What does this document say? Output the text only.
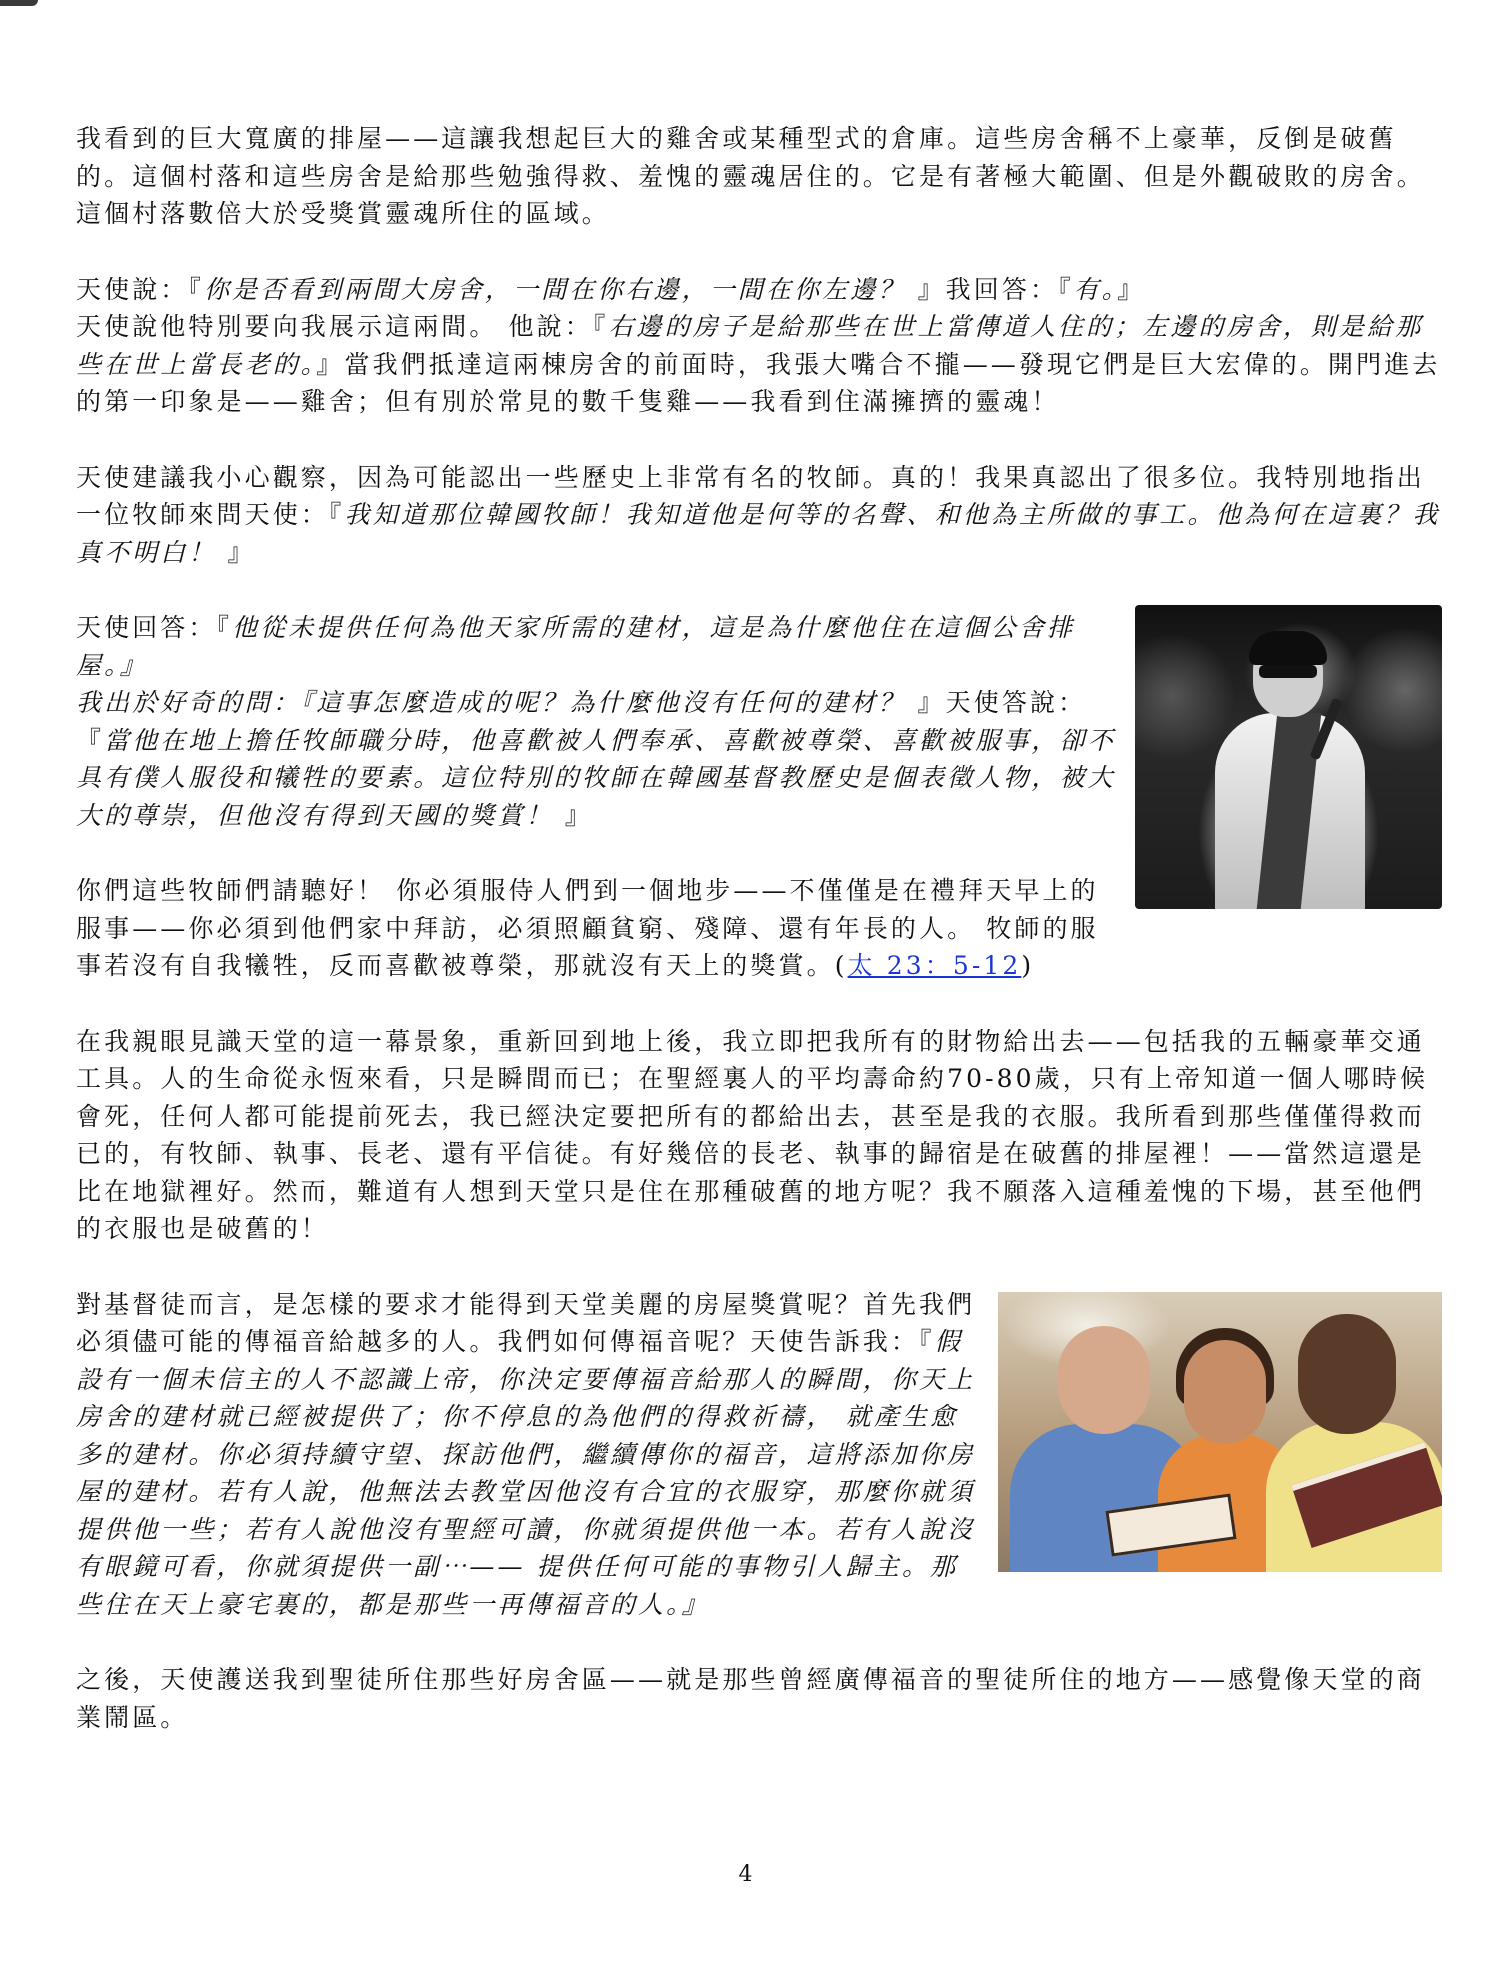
我看到的巨大寬廣的排屋——這讓我想起巨大的雞舍或某種型式的倉庫。這些房舍稱不上豪華，反倒是破舊的。這個村落和這些房舍是給那些勉強得救、羞愧的靈魂居住的。它是有著極大範圍、但是外觀破敗的房舍。這個村落數倍大於受獎賞靈魂所住的區域。

天使說：『你是否看到兩間大房舍，一間在你右邊，一間在你左邊？ 』我回答：『有。』

天使說他特別要向我展示這兩間。 他說：『右邊的房子是給那些在世上當傳道人住的；左邊的房舍，則是給那些在世上當長老的。』當我們抵達這兩棟房舍的前面時，我張大嘴合不攏——發現它們是巨大宏偉的。開門進去的第一印象是——雞舍；但有別於常見的數千隻雞——我看到住滿擁擠的靈魂！

天使建議我小心觀察，因為可能認出一些歷史上非常有名的牧師。真的！我果真認出了很多位。我特別地指出一位牧師來問天使：『我知道那位韓國牧師！我知道他是何等的名聲、和他為主所做的事工。他為何在這裏？我真不明白！ 』

天使回答：『他從未提供任何為他天家所需的建材，這是為什麼他住在這個公舍排屋。』

我出於好奇的問：『這事怎麼造成的呢？為什麼他沒有任何的建材？ 』天使答說：『當他在地上擔任牧師職分時，他喜歡被人們奉承、喜歡被尊榮、喜歡被服事，卻不具有僕人服役和犧牲的要素。這位特別的牧師在韓國基督教歷史是個表徵人物，被大大的尊崇，但他沒有得到天國的獎賞！ 』

你們這些牧師們請聽好！ 你必須服侍人們到一個地步——不僅僅是在禮拜天早上的服事——你必須到他們家中拜訪，必須照顧貧窮、殘障、還有年長的人。 牧師的服事若沒有自我犧牲，反而喜歡被尊榮，那就沒有天上的獎賞。(太 23：5-12)

在我親眼見識天堂的這一幕景象，重新回到地上後，我立即把我所有的財物給出去——包括我的五輛豪華交通工具。人的生命從永恆來看，只是瞬間而已；在聖經裏人的平均壽命約70-80歲，只有上帝知道一個人哪時候會死，任何人都可能提前死去，我已經決定要把所有的都給出去，甚至是我的衣服。我所看到那些僅僅得救而已的，有牧師、執事、長老、還有平信徒。有好幾倍的長老、執事的歸宿是在破舊的排屋裡！——當然這還是比在地獄裡好。然而，難道有人想到天堂只是住在那種破舊的地方呢？我不願落入這種羞愧的下場，甚至他們的衣服也是破舊的！

對基督徒而言，是怎樣的要求才能得到天堂美麗的房屋獎賞呢？首先我們必須儘可能的傳福音給越多的人。我們如何傳福音呢？天使告訴我：『假設有一個未信主的人不認識上帝，你決定要傳福音給那人的瞬間，你天上房舍的建材就已經被提供了；你不停息的為他們的得救祈禱， 就產生愈多的建材。你必須持續守望、探訪他們，繼續傳你的福音，這將添加你房屋的建材。若有人說，他無法去教堂因他沒有合宜的衣服穿，那麼你就須提供他一些；若有人說他沒有聖經可讀，你就須提供他一本。若有人說沒有眼鏡可看，你就須提供一副⋯—— 提供任何可能的事物引人歸主。那些住在天上豪宅裏的，都是那些一再傳福音的人。』

之後，天使護送我到聖徒所住那些好房舍區——就是那些曾經廣傳福音的聖徒所住的地方——感覺像天堂的商業鬧區。

4
